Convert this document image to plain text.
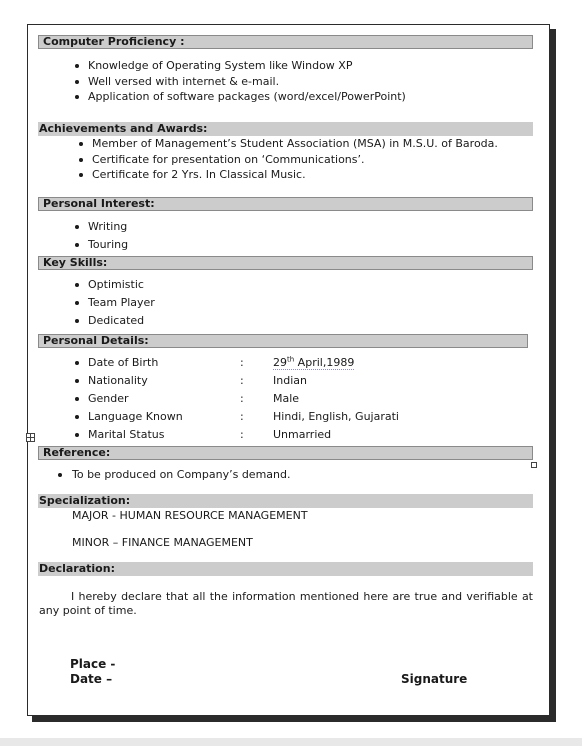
Computer Proficiency :
Knowledge of Operating System like Window XP
Well versed with internet & e-mail.
Application of software packages (word/excel/PowerPoint)
Achievements and Awards:
Member of Management’s Student Association (MSA) in M.S.U. of Baroda.
Certificate for presentation on ‘Communications’.
Certificate for 2 Yrs. In Classical Music.
Personal Interest:
Writing
Touring
Key Skills:
Optimistic
Team Player
Dedicated
Personal Details:
Date of Birth	:	29th April,1989
Nationality	:	Indian
Gender	:	Male
Language Known	:	Hindi, English, Gujarati
Marital Status	:	Unmarried
Reference:
To be produced on Company’s demand.
Specialization:
MAJOR - HUMAN RESOURCE MANAGEMENT
MINOR – FINANCE MANAGEMENT
Declaration:
I hereby declare that all the information mentioned here are true and verifiable at any point of time.
Place -
Date –	Signature
